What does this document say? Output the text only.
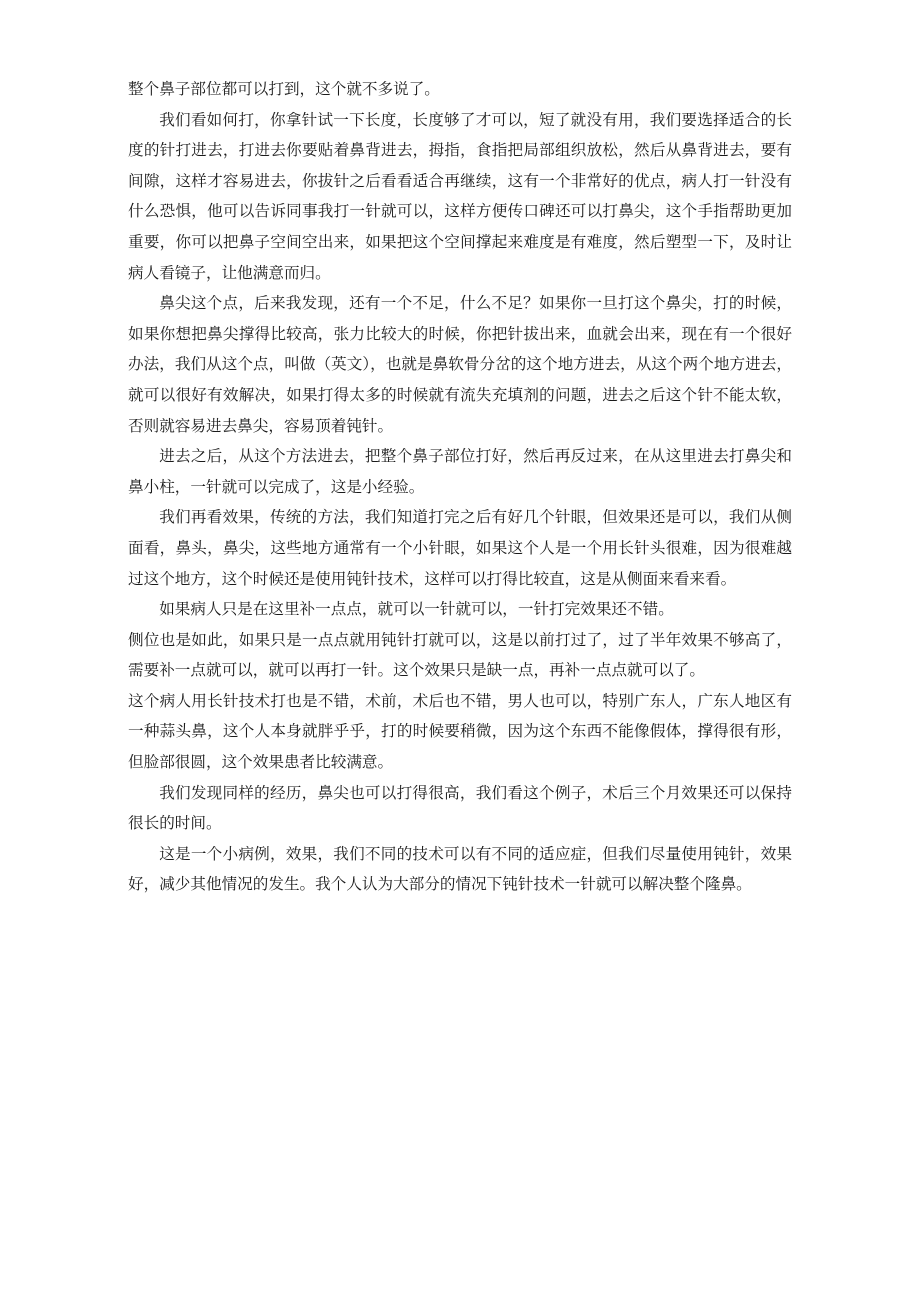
整个鼻子部位都可以打到，这个就不多说了。

我们看如何打，你拿针试一下长度，长度够了才可以，短了就没有用，我们要选择适合的长度的针打进去，打进去你要贴着鼻背进去，拇指，食指把局部组织放松，然后从鼻背进去，要有间隙，这样才容易进去，你拔针之后看看适合再继续，这有一个非常好的优点，病人打一针没有什么恐惧，他可以告诉同事我打一针就可以，这样方便传口碑还可以打鼻尖，这个手指帮助更加重要，你可以把鼻子空间空出来，如果把这个空间撑起来难度是有难度，然后塑型一下，及时让病人看镜子，让他满意而归。

鼻尖这个点，后来我发现，还有一个不足，什么不足？如果你一旦打这个鼻尖，打的时候，如果你想把鼻尖撑得比较高，张力比较大的时候，你把针拔出来，血就会出来，现在有一个很好办法，我们从这个点，叫做（英文），也就是鼻软骨分岔的这个地方进去，从这个两个地方进去，就可以很好有效解决，如果打得太多的时候就有流失充填剂的问题，进去之后这个针不能太软，否则就容易进去鼻尖，容易顶着钝针。

进去之后，从这个方法进去，把整个鼻子部位打好，然后再反过来，在从这里进去打鼻尖和鼻小柱，一针就可以完成了，这是小经验。

我们再看效果，传统的方法，我们知道打完之后有好几个针眼，但效果还是可以，我们从侧面看，鼻头，鼻尖，这些地方通常有一个小针眼，如果这个人是一个用长针头很难，因为很难越过这个地方，这个时候还是使用钝针技术，这样可以打得比较直，这是从侧面来看来看。

如果病人只是在这里补一点点，就可以一针就可以，一针打完效果还不错。

侧位也是如此，如果只是一点点就用钝针打就可以，这是以前打过了，过了半年效果不够高了，需要补一点就可以，就可以再打一针。这个效果只是缺一点，再补一点点就可以了。

这个病人用长针技术打也是不错，术前，术后也不错，男人也可以，特别广东人，广东人地区有一种蒜头鼻，这个人本身就胖乎乎，打的时候要稍微，因为这个东西不能像假体，撑得很有形，但脸部很圆，这个效果患者比较满意。

我们发现同样的经历，鼻尖也可以打得很高，我们看这个例子，术后三个月效果还可以保持很长的时间。

这是一个小病例，效果，我们不同的技术可以有不同的适应症，但我们尽量使用钝针，效果好，减少其他情况的发生。我个人认为大部分的情况下钝针技术一针就可以解决整个隆鼻。
